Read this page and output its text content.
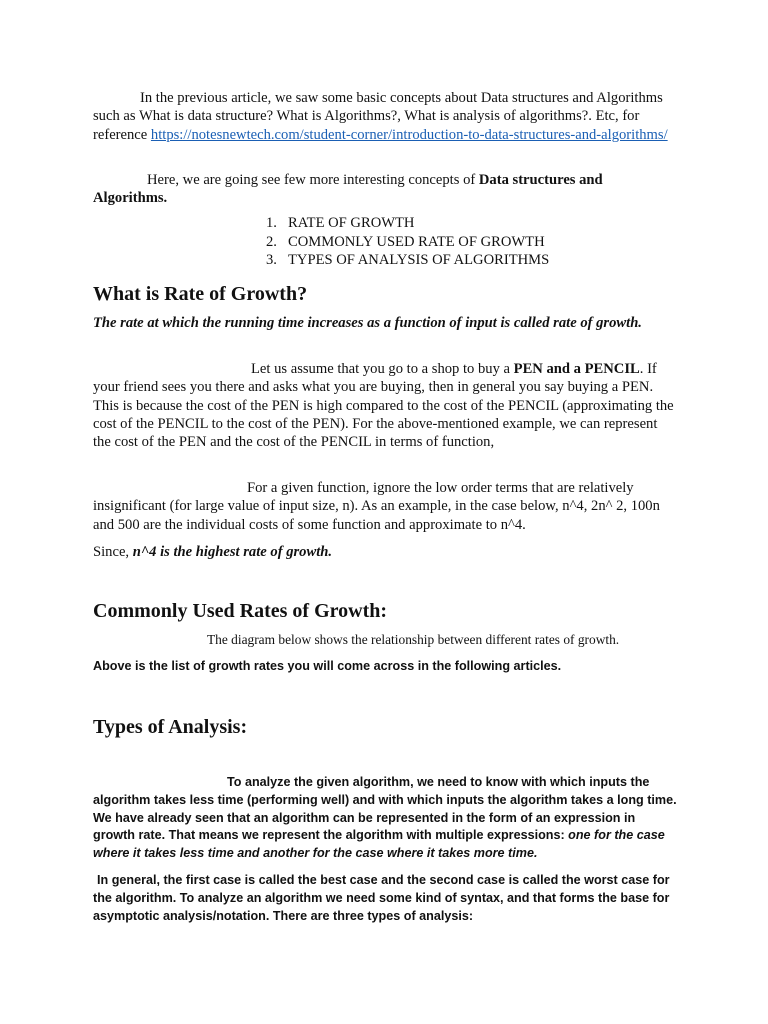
In the previous article, we saw some basic concepts about Data structures and Algorithms such as What is data structure? What is Algorithms?, What is analysis of algorithms?. Etc, for reference https://notesnewtech.com/student-corner/introduction-to-data-structures-and-algorithms/

Here, we are going see few more interesting concepts of Data structures and Algorithms.

1. RATE OF GROWTH
2. COMMONLY USED RATE OF GROWTH
3. TYPES OF ANALYSIS OF ALGORITHMS
What is Rate of Growth?

The rate at which the running time increases as a function of input is called rate of growth.

Let us assume that you go to a shop to buy a PEN and a PENCIL. If your friend sees you there and asks what you are buying, then in general you say buying a PEN. This is because the cost of the PEN is high compared to the cost of the PENCIL (approximating the cost of the PENCIL to the cost of the PEN). For the above-mentioned example, we can represent the cost of the PEN and the cost of the PENCIL in terms of function,

For a given function, ignore the low order terms that are relatively insignificant (for large value of input size, n). As an example, in the case below, n^4, 2n^ 2, 100n and 500 are the individual costs of some function and approximate to n^4.

Since, n^4 is the highest rate of growth.

Commonly Used Rates of Growth:

The diagram below shows the relationship between different rates of growth.

Above is the list of growth rates you will come across in the following articles.

Types of Analysis:

To analyze the given algorithm, we need to know with which inputs the algorithm takes less time (performing well) and with which inputs the algorithm takes a long time. We have already seen that an algorithm can be represented in the form of an expression in growth rate. That means we represent the algorithm with multiple expressions: one for the case where it takes less time and another for the case where it takes more time.

In general, the first case is called the best case and the second case is called the worst case for the algorithm. To analyze an algorithm we need some kind of syntax, and that forms the base for asymptotic analysis/notation. There are three types of analysis:
